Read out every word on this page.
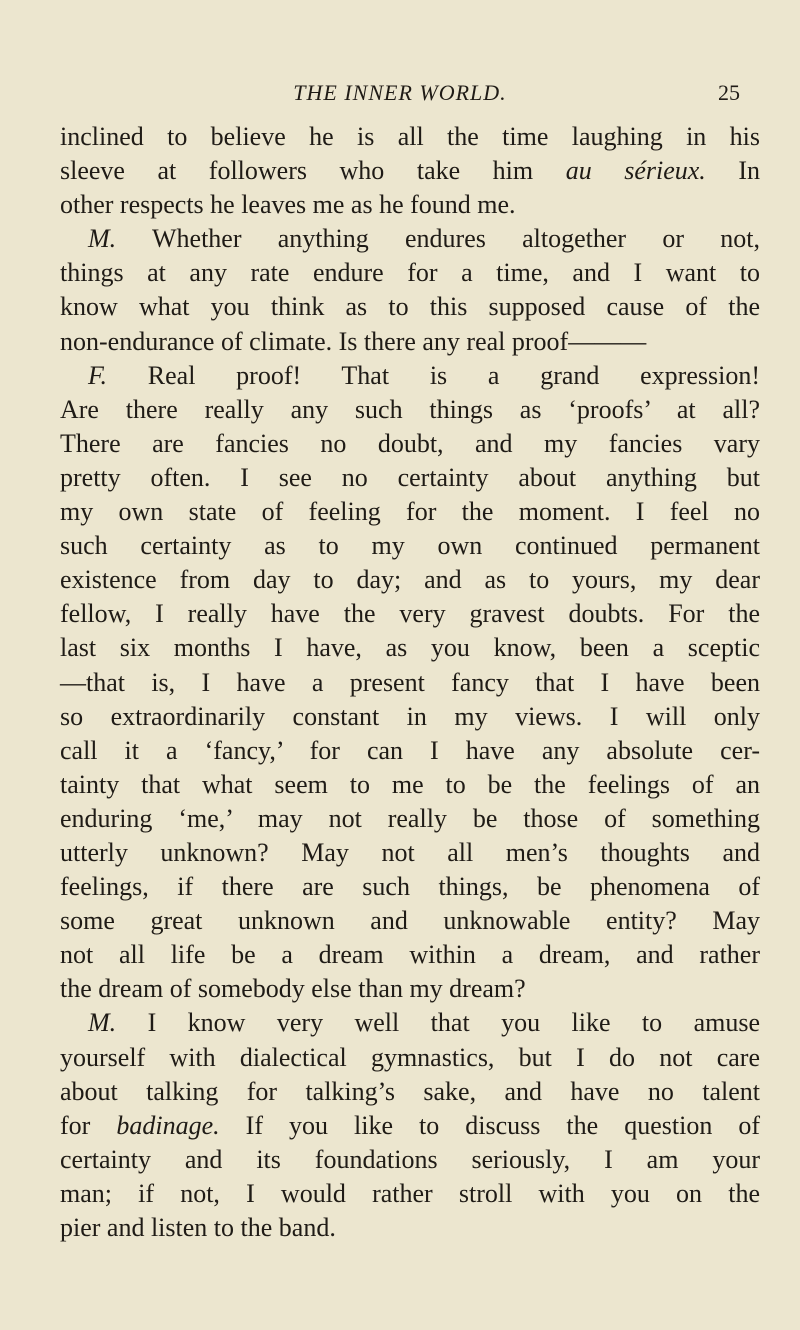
THE INNER WORLD.	25
inclined to believe he is all the time laughing in his
sleeve at followers who take him au sérieux. In
other respects he leaves me as he found me.
M. Whether anything endures altogether or not,
things at any rate endure for a time, and I want to
know what you think as to this supposed cause of the
non-endurance of climate. Is there any real proof———
F. Real proof! That is a grand expression!
Are there really any such things as ‘proofs’ at all?
There are fancies no doubt, and my fancies vary
pretty often. I see no certainty about anything but
my own state of feeling for the moment. I feel no
such certainty as to my own continued permanent
existence from day to day; and as to yours, my dear
fellow, I really have the very gravest doubts. For the
last six months I have, as you know, been a sceptic
—that is, I have a present fancy that I have been
so extraordinarily constant in my views. I will only
call it a ‘fancy,’ for can I have any absolute cer-
tainty that what seem to me to be the feelings of an
enduring ‘me,’ may not really be those of something
utterly unknown? May not all men’s thoughts and
feelings, if there are such things, be phenomena of
some great unknown and unknowable entity? May
not all life be a dream within a dream, and rather
the dream of somebody else than my dream?
M. I know very well that you like to amuse
yourself with dialectical gymnastics, but I do not care
about talking for talking’s sake, and have no talent
for badinage. If you like to discuss the question of
certainty and its foundations seriously, I am your
man; if not, I would rather stroll with you on the
pier and listen to the band.
